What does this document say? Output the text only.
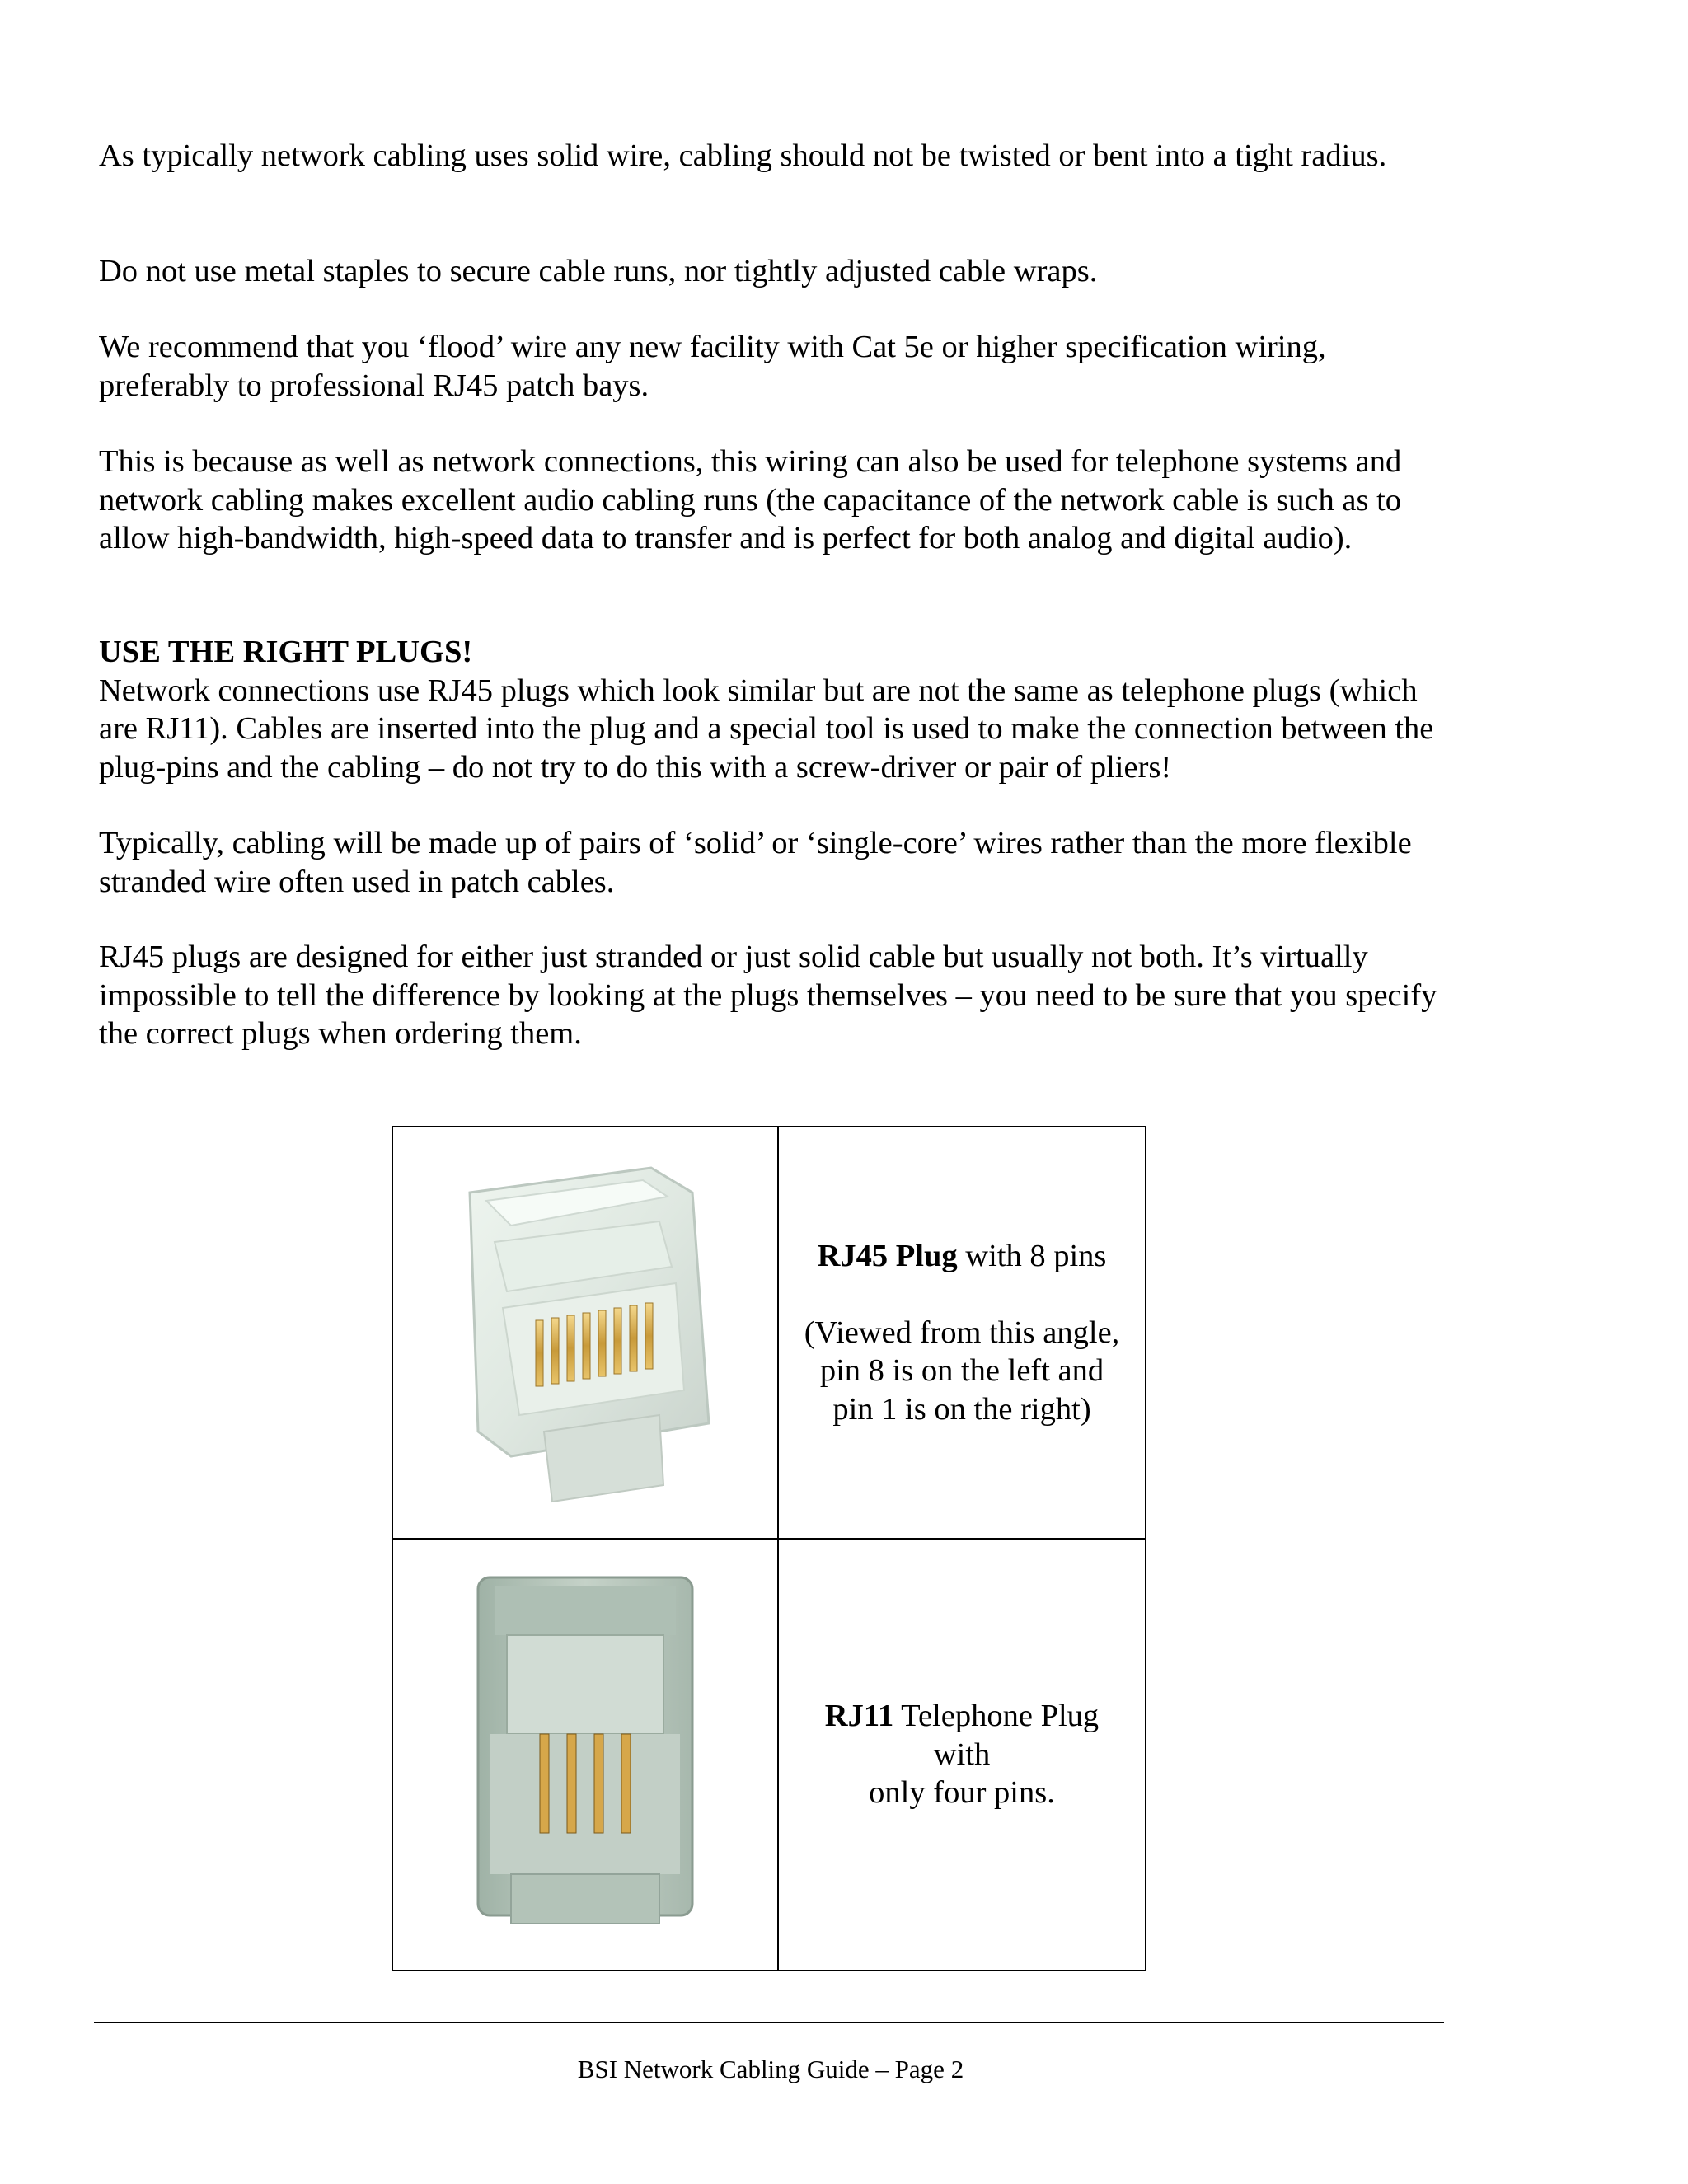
As typically network cabling uses solid wire, cabling should not be twisted or bent into a tight radius.

Do not use metal staples to secure cable runs, nor tightly adjusted cable wraps.

We recommend that you ‘flood’ wire any new facility with Cat 5e or higher specification wiring, preferably to professional RJ45 patch bays.

This is because as well as network connections, this wiring can also be used for telephone systems and network cabling makes excellent audio cabling runs (the capacitance of the network cable is such as to allow high-bandwidth, high-speed data to transfer and is perfect for both analog and digital audio).

USE THE RIGHT PLUGS!

Network connections use RJ45 plugs which look similar but are not the same as telephone plugs (which are RJ11). Cables are inserted into the plug and a special tool is used to make the connection between the plug-pins and the cabling – do not try to do this with a screw-driver or pair of pliers!

Typically, cabling will be made up of pairs of ‘solid’ or ‘single-core’ wires rather than the more flexible stranded wire often used in patch cables.

RJ45 plugs are designed for either just stranded or just solid cable but usually not both. It’s virtually impossible to tell the difference by looking at the plugs themselves – you need to be sure that you specify the correct plugs when ordering them.

RJ45 Plug with 8 pins

(Viewed from this angle,

pin 8 is on the left and

pin 1 is on the right)

RJ11 Telephone Plug

with

only four pins.

BSI Network Cabling Guide – Page 2
